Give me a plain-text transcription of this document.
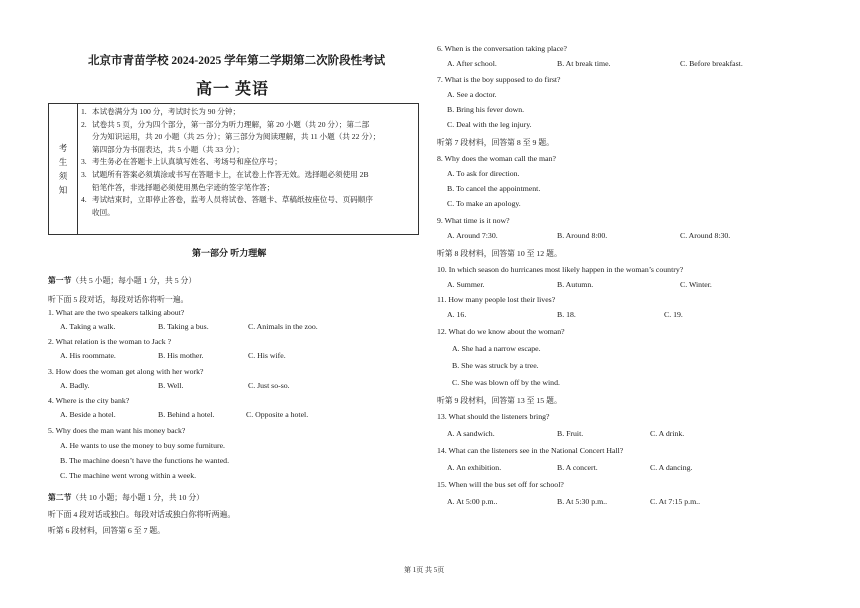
北京市青苗学校 2024-2025 学年第二学期第二次阶段性考试
高一 英语
考
生
须
知
1. 本试卷满分为 100 分，考试时长为 90 分钟；
2. 试卷共 5 页，分为四个部分，第一部分为听力理解，第 20 小题（共 20 分）；第二部
分为知识运用，共 20 小题（共 25 分）；第三部分为阅读理解，共 11 小题（共 22 分）；
第四部分为书面表达，共 5 小题（共 33 分）；
3. 考生务必在答题卡上认真填写姓名、考场号和座位序号；
3. 试题所有答案必须填涂或书写在答题卡上，在试卷上作答无效。选择题必须使用 2B
铅笔作答，非选择题必须使用黑色字迹的签字笔作答；
4. 考试结束时，立即停止答卷，监考人员将试卷、答题卡、草稿纸按座位号、页码顺序
收回。
第一部分 听力理解
第一节（共 5 小题；每小题 1 分，共 5 分）
听下面 5 段对话，每段对话你将听一遍。
1. What are the two speakers talking about?
A. Taking a walk.	B. Taking a bus.	C. Animals in the zoo.
2. What relation is the woman to Jack ?
A. His roommate.	B. His mother.	C. His wife.
3. How does the woman get along with her work?
A. Badly.	B. Well.	C. Just so-so.
4. Where is the city bank?
A. Beside a hotel.	B. Behind a hotel.	C. Opposite a hotel.
5. Why does the man want his money back?
A. He wants to use the money to buy some furniture.
B. The machine doesn’t have the functions he wanted.
C. The machine went wrong within a week.
第二节（共 10 小题；每小题 1 分，共 10 分）
听下面 4 段对话或独白。每段对话或独白你将听两遍。
听第 6 段材料，回答第 6 至 7 题。
6. When is the conversation taking place?
A. After school.	B. At break time.	C. Before breakfast.
7. What is the boy supposed to do first?
A. See a doctor.
B. Bring his fever down.
C. Deal with the leg injury.
听第 7 段材料，回答第 8 至 9 题。
8. Why does the woman call the man?
A. To ask for direction.
B. To cancel the appointment.
C. To make an apology.
9. What time is it now?
A. Around 7:30.	B. Around 8:00.	C. Around 8:30.
听第 8 段材料，回答第 10 至 12 题。
10. In which season do hurricanes most likely happen in the woman’s country?
A. Summer.	B. Autumn.	C. Winter.
11. How many people lost their lives?
A. 16.	B. 18.	C. 19.
12. What do we know about the woman?
A. She had a narrow escape.
B. She was struck by a tree.
C. She was blown off by the wind.
听第 9 段材料，回答第 13 至 15 题。
13. What should the listeners bring?
A. A sandwich.	B. Fruit.	C. A drink.
14. What can the listeners see in the National Concert Hall?
A. An exhibition.	B. A concert.	C. A dancing.
15. When will the bus set off for school?
A. At 5:00 p.m..	B. At 5:30 p.m..	C. At 7:15 p.m..
第 1页 共 5页
